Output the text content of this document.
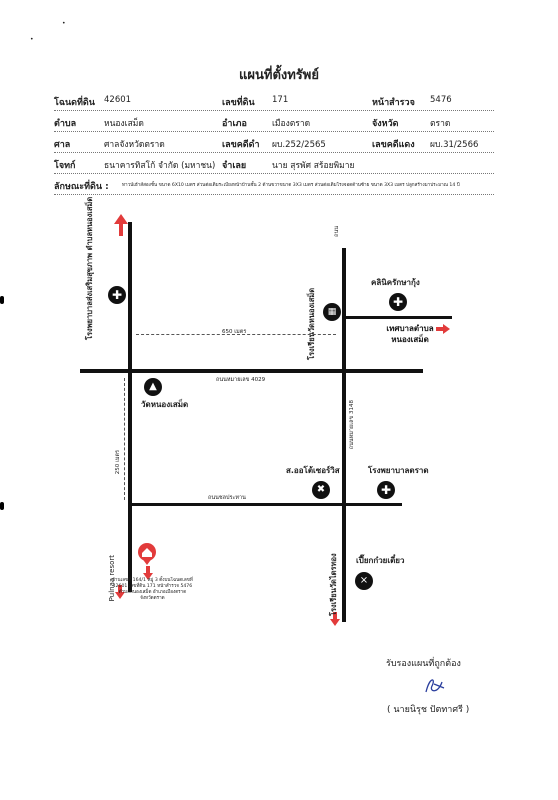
•
•
แผนที่ตั้งทรัพย์
โฉนดที่ดิน 42601	เลขที่ดิน 171	หน้าสำรวจ 5476
ตำบล	หนองเสม็ด	อำเภอ	เมืองตราด	จังหวัด	ตราด
ศาล	ศาลจังหวัดตราด	เลขคดีดำ ผบ.252/2565	เลขคดีแดง ผบ.31/2566
โจทก์	ธนาคารทิสโก้ จำกัด (มหาชน) จำเลย	นาย สุรพัศ สร้อยพิมาย
ลักษณะที่ดิน :	ทาวน์เฮ้าส์สองชั้น ขนาด 6X10 เมตร ส่วนต่อเติมระเบียงหน้าบ้านชั้น 2 ด้านขวาขนาด 3X3 เมตร ส่วนต่อเติมโรงจอดด้านซ้าย ขนาด 3X3 เมตร ปลูกสร้างมาประมาณ 14 ปี
✚
▦
✚
▲
✖	✚
⨯
โรงพยาบาลส่งเสริมสุขภาพ ตำบลหนองเสม็ด	ถนน
คลินิครักษากุ้ง
เทศบาลตำบล หนองเสม็ด
โรงเรียนวัดหนองเสม็ด
650 เมตร
ถนนหมายเลข 4029
วัดหนองเสม็ด	ถนนหมายเลข 3148
250 เมตร	ส.ออโต้เซอร์วิส	โรงพยาบาลตราด
ถนนชลประทาน
บ้านเลขที่ 164/1 หมู่ 3 ตั้งบนโฉนดเลขที่
42601 เลขที่ดิน 171 หน้าสำรวจ 5476
ตำบลหนองเสม็ด อำเภอเมืองตราด
จังหวัดตราด
Pulnaa resort	โรงเรียนวัดไตรทอง เปี๊ยกก๋วยเตี๋ยว
รับรองแผนที่ถูกต้อง
( นายนิรุช ปัตทาศรี )
